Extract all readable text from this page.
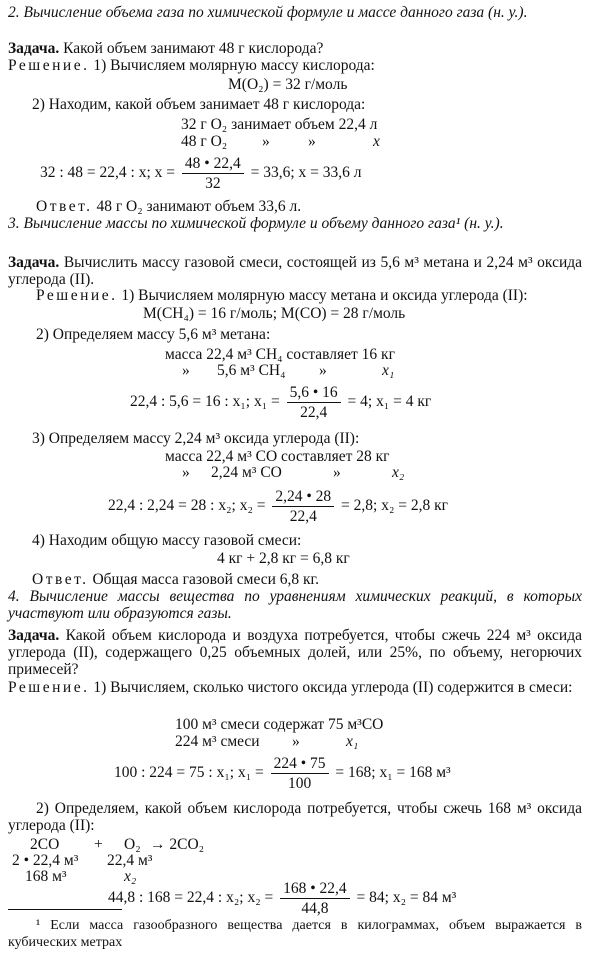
2. Вычисление объема газа по химической формуле и массе данного газа (н. у.).
Задача. Какой объем занимают 48 г кислорода?
Решение. 1) Вычисляем молярную массу кислорода:
M(O₂) = 32 г/моль
2) Находим, какой объем занимает 48 г кислорода:
32 г O₂ занимает объем 22,4 л
48 г O₂ » »	x
32 : 48 = 22,4 : x; $x = \frac{48 • 22,4}{32} = 33,6$; x = 33,6 л
Ответ. 48 г O₂ занимают объем 33,6 л.
3. Вычисление массы по химической формуле и объему данного газа¹ (н. у.).
Задача. Вычислить массу газовой смеси, состоящей из 5,6 м³ метана и 2,24 м³ оксида углерода (II).
Решение. 1) Вычисляем молярную массу метана и оксида углерода (II):
M(CH₄) = 16 г/моль; M(CO) = 28 г/моль
2) Определяем массу 5,6 м³ метана:
масса 22,4 м³ CH₄ составляет 16 кг
» 5,6 м³ CH₄ »	x₁
22,4 : 5,6 = 16 : x₁; $x_1 = \frac{5,6 • 16}{22,4} = 4$; x₁ = 4 кг
3) Определяем массу 2,24 м³ оксида углерода (II):
масса 22,4 м³ CO составляет 28 кг
» 2,24 м³ CO	»	x₂
22,4 : 2,24 = 28 : x₂; $x_2 = \frac{2,24 • 28}{22,4} = 2,8$; x₂ = 2,8 кг
4) Находим общую массу газовой смеси:
4 кг + 2,8 кг = 6,8 кг
Ответ. Общая масса газовой смеси 6,8 кг.
4. Вычисление массы вещества по уравнениям химических реакций, в которых участвуют или образуются газы.
Задача. Какой объем кислорода и воздуха потребуется, чтобы сжечь 224 м³ оксида углерода (II), содержащего 0,25 объемных долей, или 25%, по объему, негорючих примесей?
Решение. 1) Вычисляем, сколько чистого оксида углерода (II) содержится в смеси:
100 м³ смеси содержат 75 м³CO
224 м³ смеси »	x₁
100 : 224 = 75 : x₁; $x_1 = \frac{224 • 75}{100} = 168$; x₁ = 168 м³
2) Определяем, какой объем кислорода потребуется, чтобы сжечь 168 м³ оксида углерода (II):
2CO + O₂ → 2CO₂
2 • 22,4 м³ 22,4 м³
168 м³	x₂
44,8 : 168 = 22,4 : x₂; $x_2 = \frac{168 • 22,4}{44,8} = 84$; x₂ = 84 м³
¹ Если масса газообразного вещества дается в килограммах, объем выражается в кубических метрах
